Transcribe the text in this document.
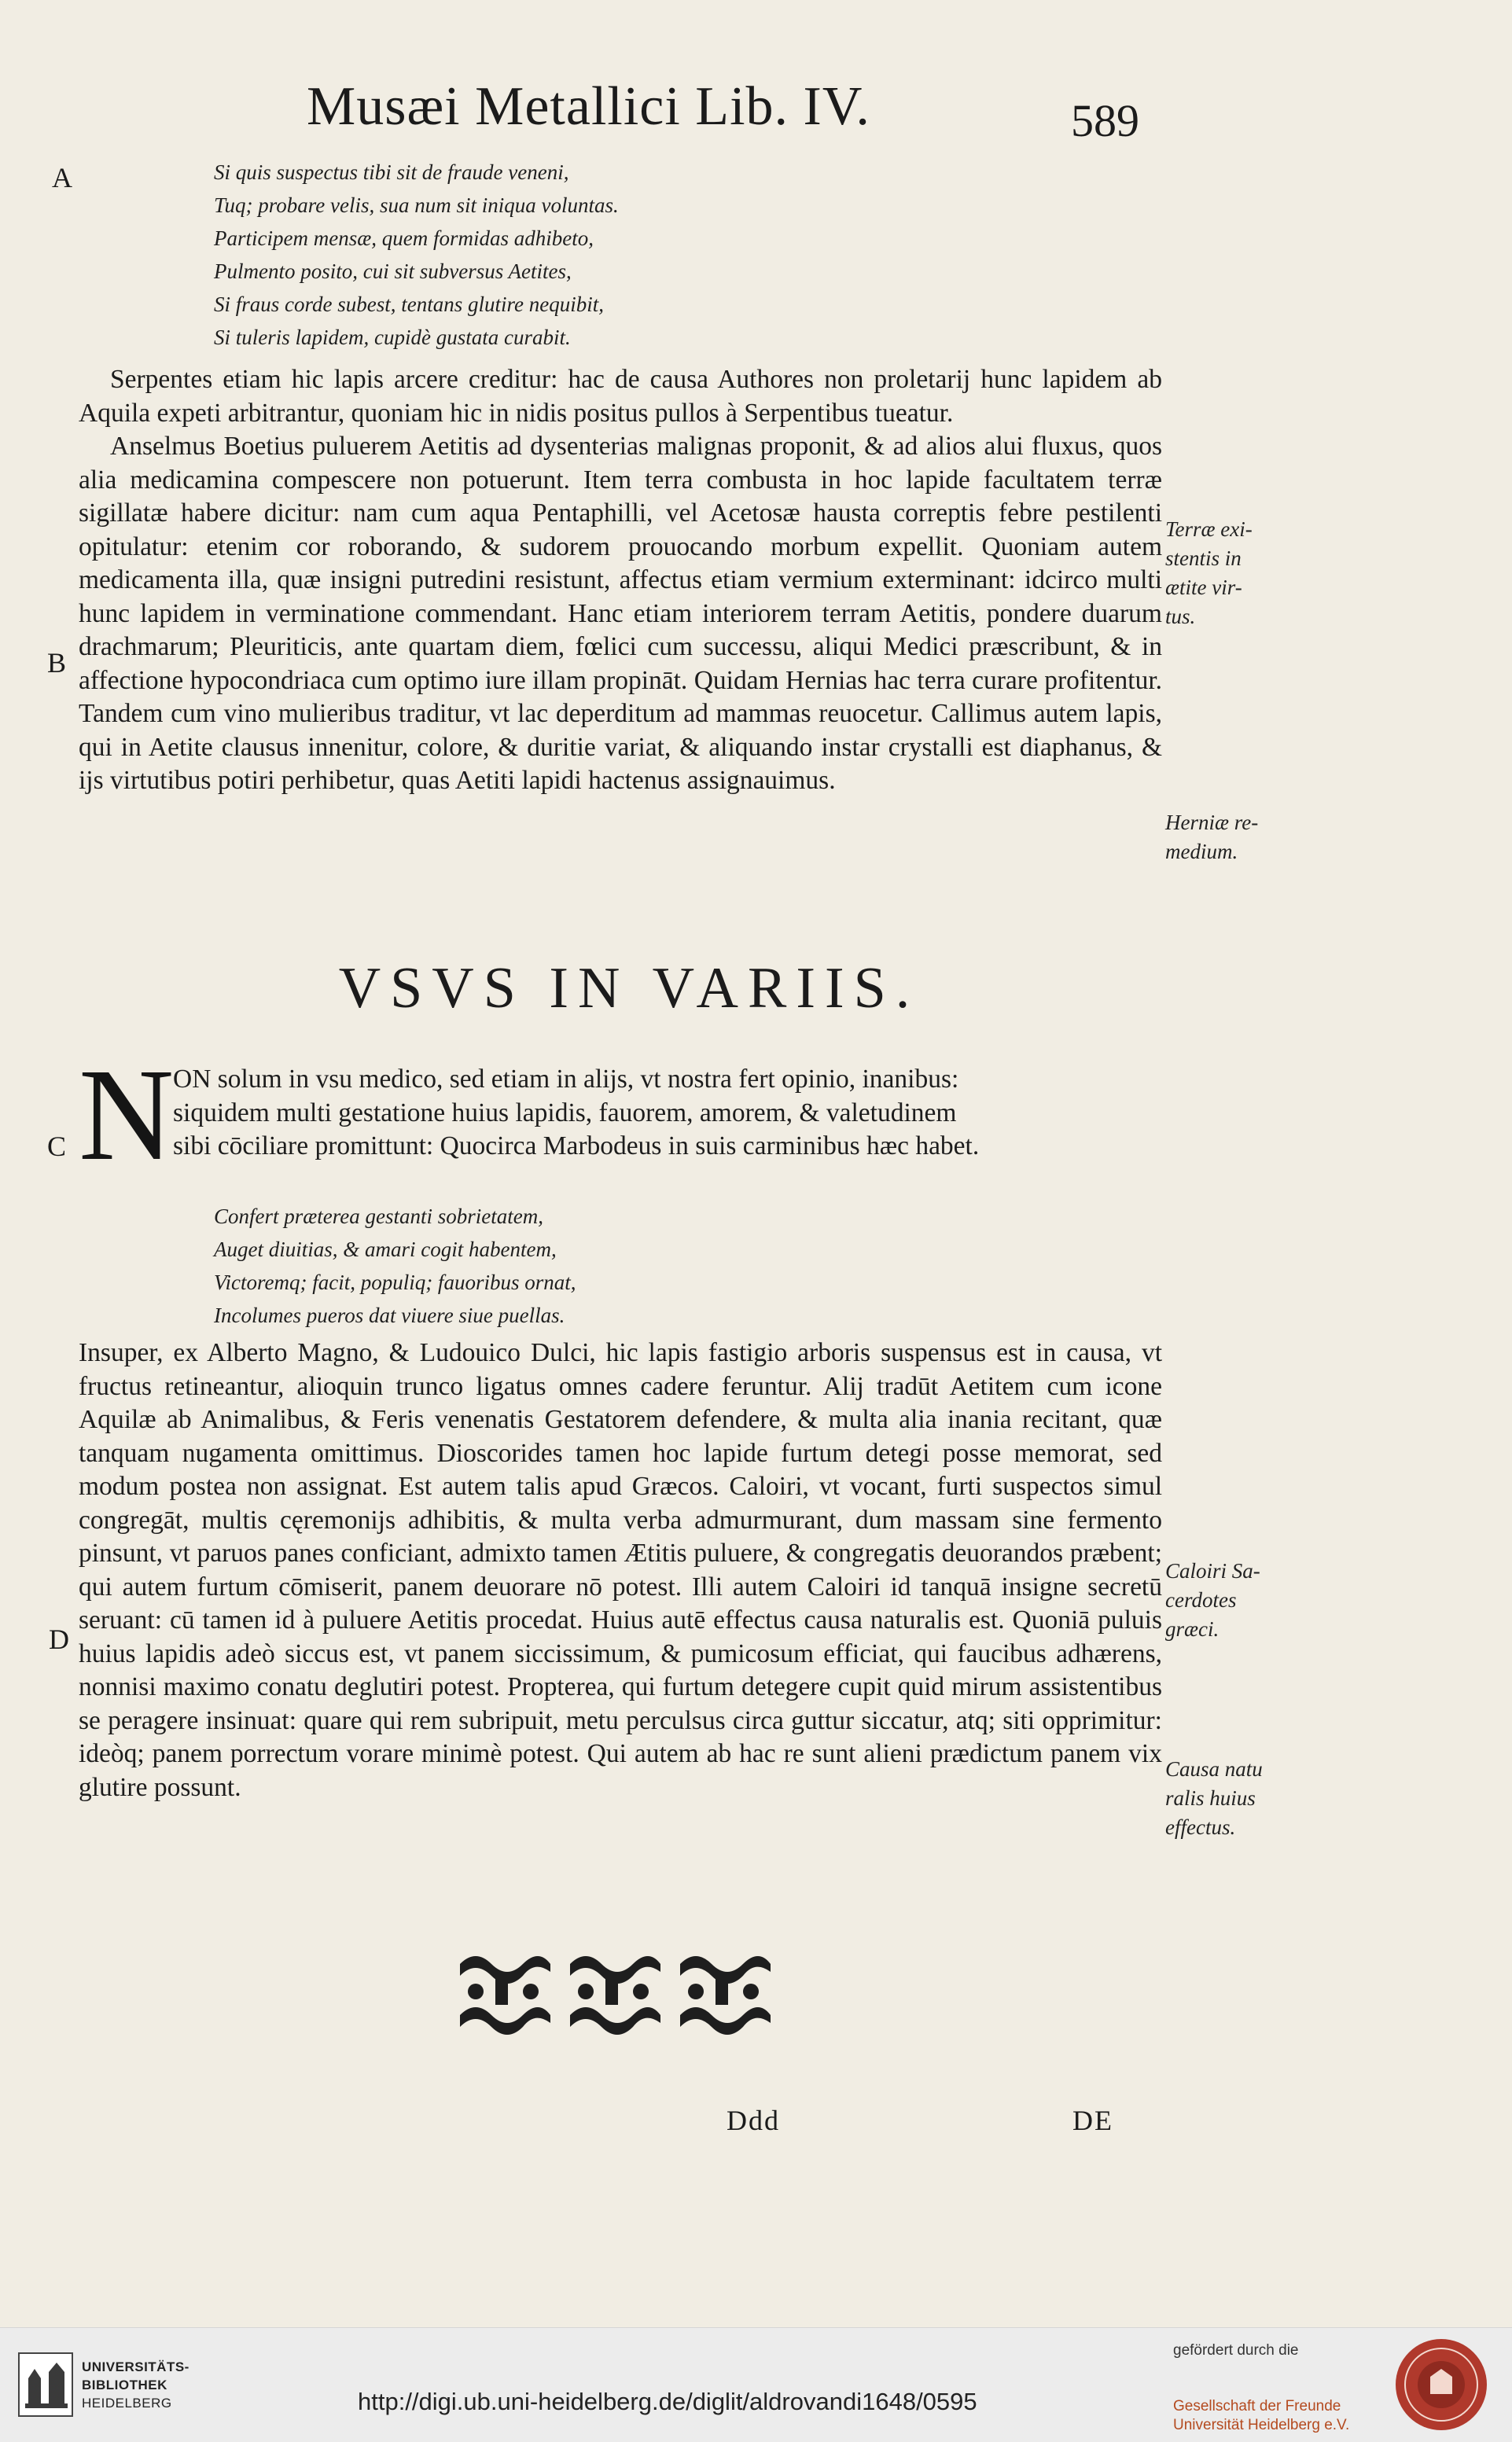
Musæi Metallici Lib. IV.	589
A
B
C
D
Si quis suspectus tibi sit de fraude veneni,
Tuq; probare velis, sua num sit iniqua voluntas.
Participem mensæ, quem formidas adhibeto,
Pulmento posito, cui sit subversus Aetites,
Si fraus corde subest, tentans glutire nequibit,
Si tuleris lapidem, cupidè gustata curabit.

Serpentes etiam hic lapis arcere creditur: hac de causa Authores non proletarij hunc lapidem ab Aquila expeti arbitrantur, quoniam hic in nidis positus pullos à Serpentibus tueatur.

Anselmus Boetius puluerem Aetitis ad dysenterias malignas proponit, & ad alios alui fluxus, quos alia medicamina compescere non potuerunt. Item terra combusta in hoc lapide facultatem terræ sigillatæ habere dicitur: nam cum aqua Pentaphilli, vel Acetosæ hausta correptis febre pestilenti opitulatur: etenim cor roborando, & sudorem prouocando morbum expellit. Quoniam autem medicamenta illa, quæ insigni putredini resistunt, affectus etiam vermium exterminant: idcirco multi hunc lapidem in verminatione commendant. Hanc etiam interiorem terram Aetitis, pondere duarum drachmarum; Pleuriticis, ante quartam diem, fœlici cum successu, aliqui Medici præscribunt, & in affectione hypocondriaca cum optimo iure illam propināt. Quidam Hernias hac terra curare profitentur. Tandem cum vino mulieribus traditur, vt lac deperditum ad mammas reuocetur. Callimus autem lapis, qui in Aetite clausus innenitur, colore, & duritie variat, & aliquando instar crystalli est diaphanus, & ijs virtutibus potiri perhibetur, quas Aetiti lapidi hactenus assignauimus.

Terræ exi-
stentis in
ætite vir-
tus.
Herniæ re-
medium.
Caloiri Sa-
cerdotes
græci.
Causa natu
ralis huius
effectus.
VSVS IN VARIIS.
N
ON solum in vsu medico, sed etiam in alijs, vt nostra fert opinio, inanibus:
siquidem multi gestatione huius lapidis, fauorem, amorem, & valetudinem
sibi cōciliare promittunt: Quocirca Marbodeus in suis carminibus hæc habet.
Confert præterea gestanti sobrietatem,
Auget diuitias, & amari cogit habentem,
Victoremq; facit, populiq; fauoribus ornat,
Incolumes pueros dat viuere siue puellas.

Insuper, ex Alberto Magno, & Ludouico Dulci, hic lapis fastigio arboris suspensus est in causa, vt fructus retineantur, alioquin trunco ligatus omnes cadere feruntur. Alij tradūt Aetitem cum icone Aquilæ ab Animalibus, & Feris venenatis Gestatorem defendere, & multa alia inania recitant, quæ tanquam nugamenta omittimus. Dioscorides tamen hoc lapide furtum detegi posse memorat, sed modum postea non assignat. Est autem talis apud Græcos. Caloiri, vt vocant, furti suspectos simul congregāt, multis cęremonijs adhibitis, & multa verba admurmurant, dum massam sine fermento pinsunt, vt paruos panes conficiant, admixto tamen Ætitis puluere, & congregatis deuorandos præbent; qui autem furtum cōmiserit, panem deuorare nō potest. Illi autem Caloiri id tanquā insigne secretū seruant: cū tamen id à puluere Aetitis procedat. Huius autē effectus causa naturalis est. Quoniā puluis huius lapidis adeò siccus est, vt panem siccissimum, & pumicosum efficiat, qui faucibus adhærens, nonnisi maximo conatu deglutiri potest. Propterea, qui furtum detegere cupit quid mirum assistentibus se peragere insinuat: quare qui rem subripuit, metu perculsus circa guttur siccatur, atq; siti opprimitur: ideòq; panem porrectum vorare minimè potest. Qui autem ab hac re sunt alieni prædictum panem vix glutire possunt.

Ddd	DE
UNIVERSITÄTS-
BIBLIOTHEK
HEIDELBERG	http://digi.ub.uni-heidelberg.de/diglit/aldrovandi1648/0595
gefördert durch die
Gesellschaft der Freunde
Universität Heidelberg e.V.
